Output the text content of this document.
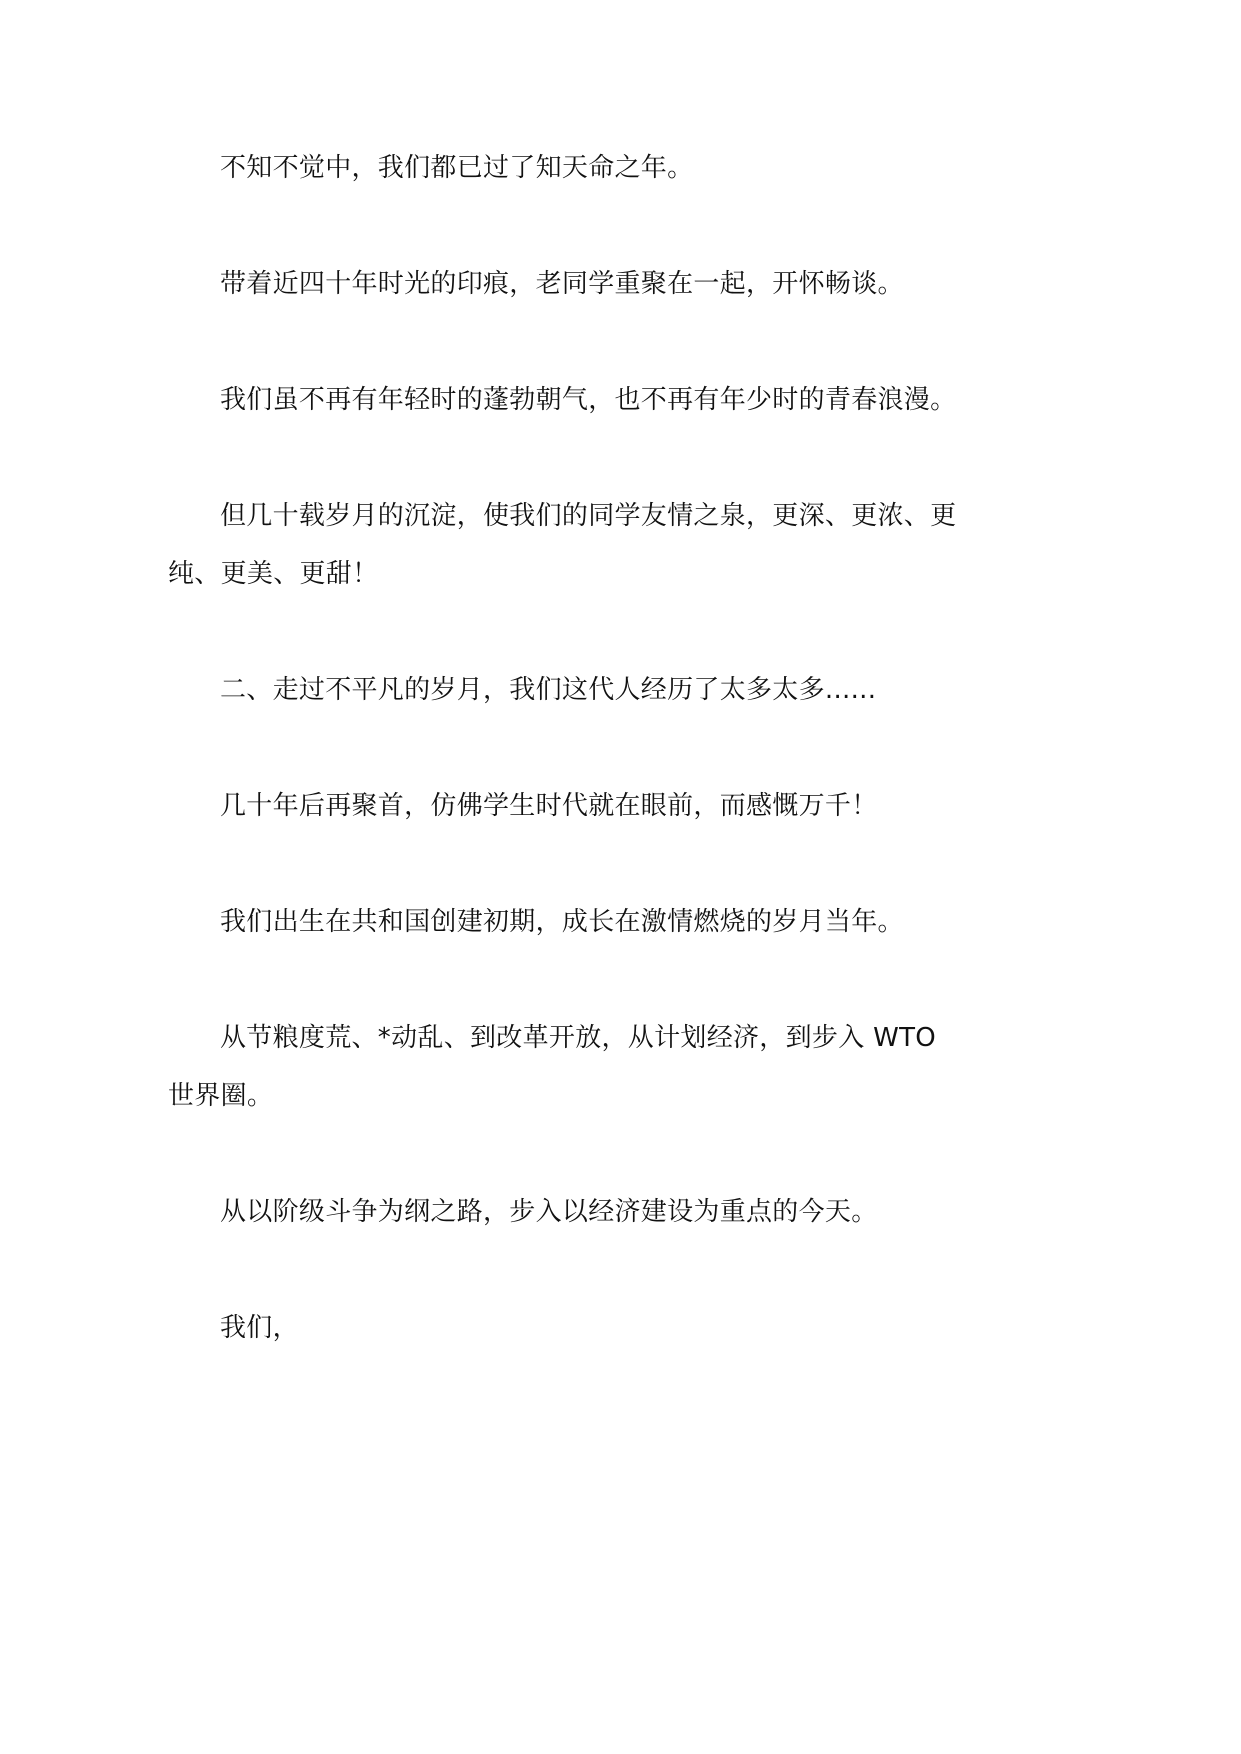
不知不觉中，我们都已过了知天命之年。
带着近四十年时光的印痕，老同学重聚在一起，开怀畅谈。
我们虽不再有年轻时的蓬勃朝气，也不再有年少时的青春浪漫。
但几十载岁月的沉淀，使我们的同学友情之泉，更深、更浓、更
纯、更美、更甜！
二、走过不平凡的岁月，我们这代人经历了太多太多......
几十年后再聚首，仿佛学生时代就在眼前，而感慨万千！
我们出生在共和国创建初期，成长在激情燃烧的岁月当年。
从节粮度荒、*动乱、到改革开放，从计划经济，到步入 WTO
世界圈。
从以阶级斗争为纲之路，步入以经济建设为重点的今天。
我们，
